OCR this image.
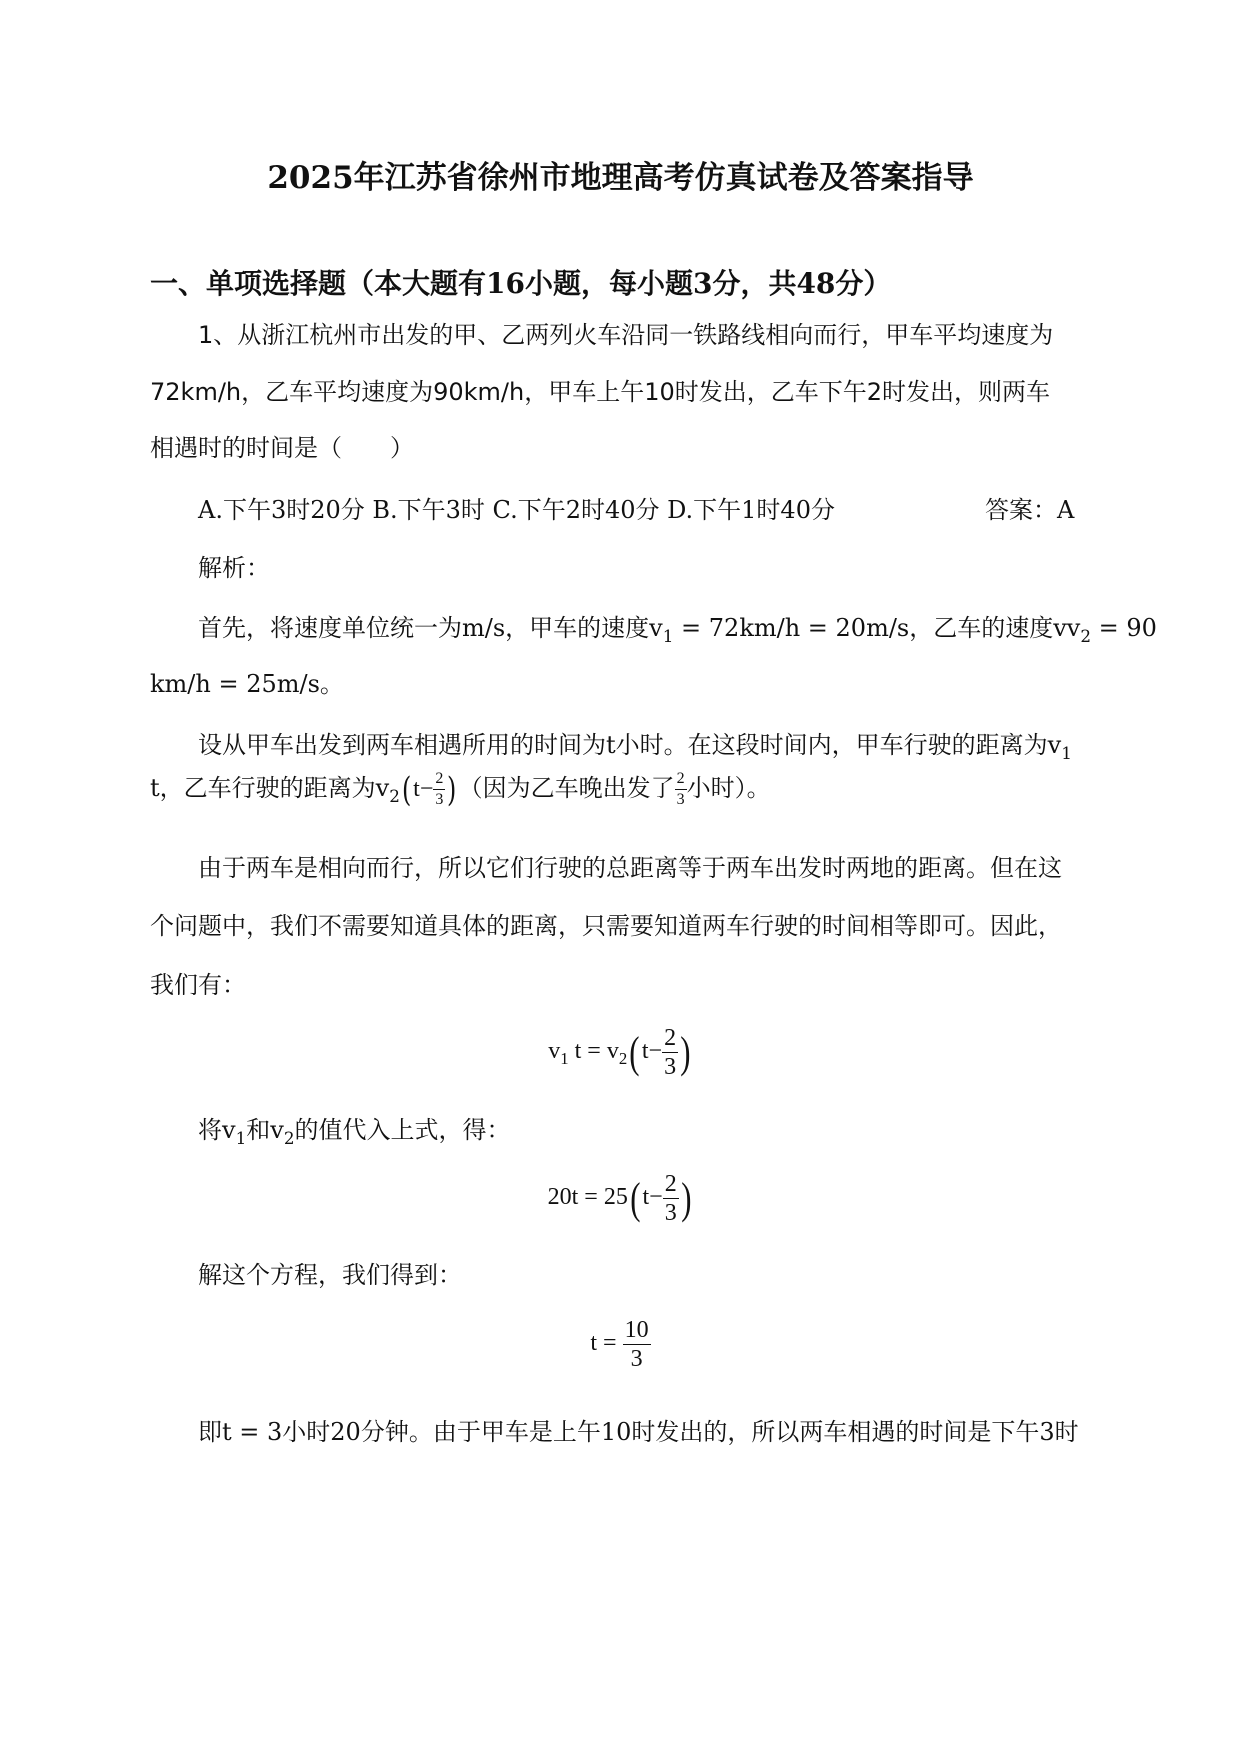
2025年江苏省徐州市地理高考仿真试卷及答案指导
一、单项选择题（本大题有16小题，每小题3分，共48分）
1、从浙江杭州市出发的甲、乙两列火车沿同一铁路线相向而行，甲车平均速度为
72km/h，乙车平均速度为90km/h，甲车上午10时发出，乙车下午2时发出，则两车
相遇时的时间是（　　）
A.下午3时20分 B.下午3时 C.下午2时40分 D.下午1时40分	答案：A
解析：
首先，将速度单位统一为m/s，甲车的速度$v_1 = 72km/h = 20m/s$，乙车的速度$vv_2 = 90$
km/h = 25m/s。
设从甲车出发到两车相遇所用的时间为t小时。在这段时间内，甲车行驶的距离为$v_1$
t，乙车行驶的距离为$v_2(t- \frac{2}{3}$ )（因为乙车晚出发了 $\frac{2}{3}$ 小时）。
由于两车是相向而行，所以它们行驶的总距离等于两车出发时两地的距离。但在这
个问题中，我们不需要知道具体的距离，只需要知道两车行驶的时间相等即可。因此，
我们有：
$v_1$ $t = v_2(t- \frac{2}{3}$ )
将$v_1$和$v_2$的值代入上式，得：
$20t = 25(t- \frac{2}{3}$ )
解这个方程，我们得到：
$t = \frac{10}{3}$
即t = 3小时20分钟。由于甲车是上午10时发出的，所以两车相遇的时间是下午3时
